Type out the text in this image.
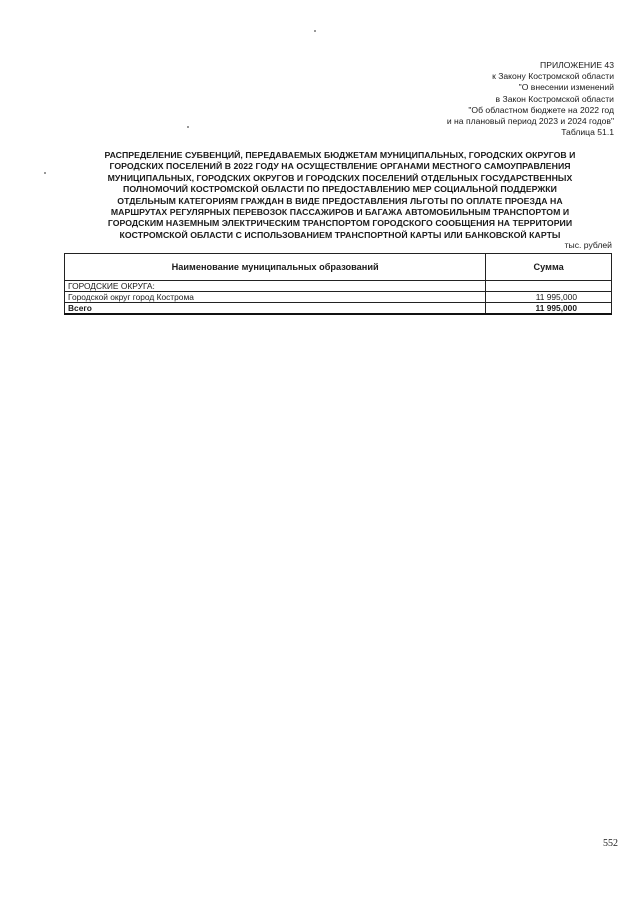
ПРИЛОЖЕНИЕ 43
к Закону Костромской области
"О внесении изменений
в Закон Костромской области
"Об областном бюджете на 2022 год
и на плановый период 2023 и 2024 годов"
Таблица 51.1
РАСПРЕДЕЛЕНИЕ СУБВЕНЦИЙ, ПЕРЕДАВАЕМЫХ БЮДЖЕТАМ МУНИЦИПАЛЬНЫХ, ГОРОДСКИХ ОКРУГОВ И
ГОРОДСКИХ ПОСЕЛЕНИЙ В 2022 ГОДУ НА ОСУЩЕСТВЛЕНИЕ ОРГАНАМИ МЕСТНОГО САМОУПРАВЛЕНИЯ
МУНИЦИПАЛЬНЫХ, ГОРОДСКИХ ОКРУГОВ И ГОРОДСКИХ ПОСЕЛЕНИЙ ОТДЕЛЬНЫХ ГОСУДАРСТВЕННЫХ
ПОЛНОМОЧИЙ КОСТРОМСКОЙ ОБЛАСТИ ПО ПРЕДОСТАВЛЕНИЮ МЕР СОЦИАЛЬНОЙ ПОДДЕРЖКИ
ОТДЕЛЬНЫМ КАТЕГОРИЯМ ГРАЖДАН В ВИДЕ ПРЕДОСТАВЛЕНИЯ ЛЬГОТЫ ПО ОПЛАТЕ ПРОЕЗДА НА
МАРШРУТАХ РЕГУЛЯРНЫХ ПЕРЕВОЗОК ПАССАЖИРОВ И БАГАЖА АВТОМОБИЛЬНЫМ ТРАНСПОРТОМ И
ГОРОДСКИМ НАЗЕМНЫМ ЭЛЕКТРИЧЕСКИМ ТРАНСПОРТОМ ГОРОДСКОГО СООБЩЕНИЯ НА ТЕРРИТОРИИ
КОСТРОМСКОЙ ОБЛАСТИ С ИСПОЛЬЗОВАНИЕМ ТРАНСПОРТНОЙ КАРТЫ ИЛИ БАНКОВСКОЙ КАРТЫ
тыс. рублей
Наименование муниципальных образований	Сумма
ГОРОДСКИЕ ОКРУГА:	
Городской округ город Кострома	11 995,000
Всего	11 995,000
552
